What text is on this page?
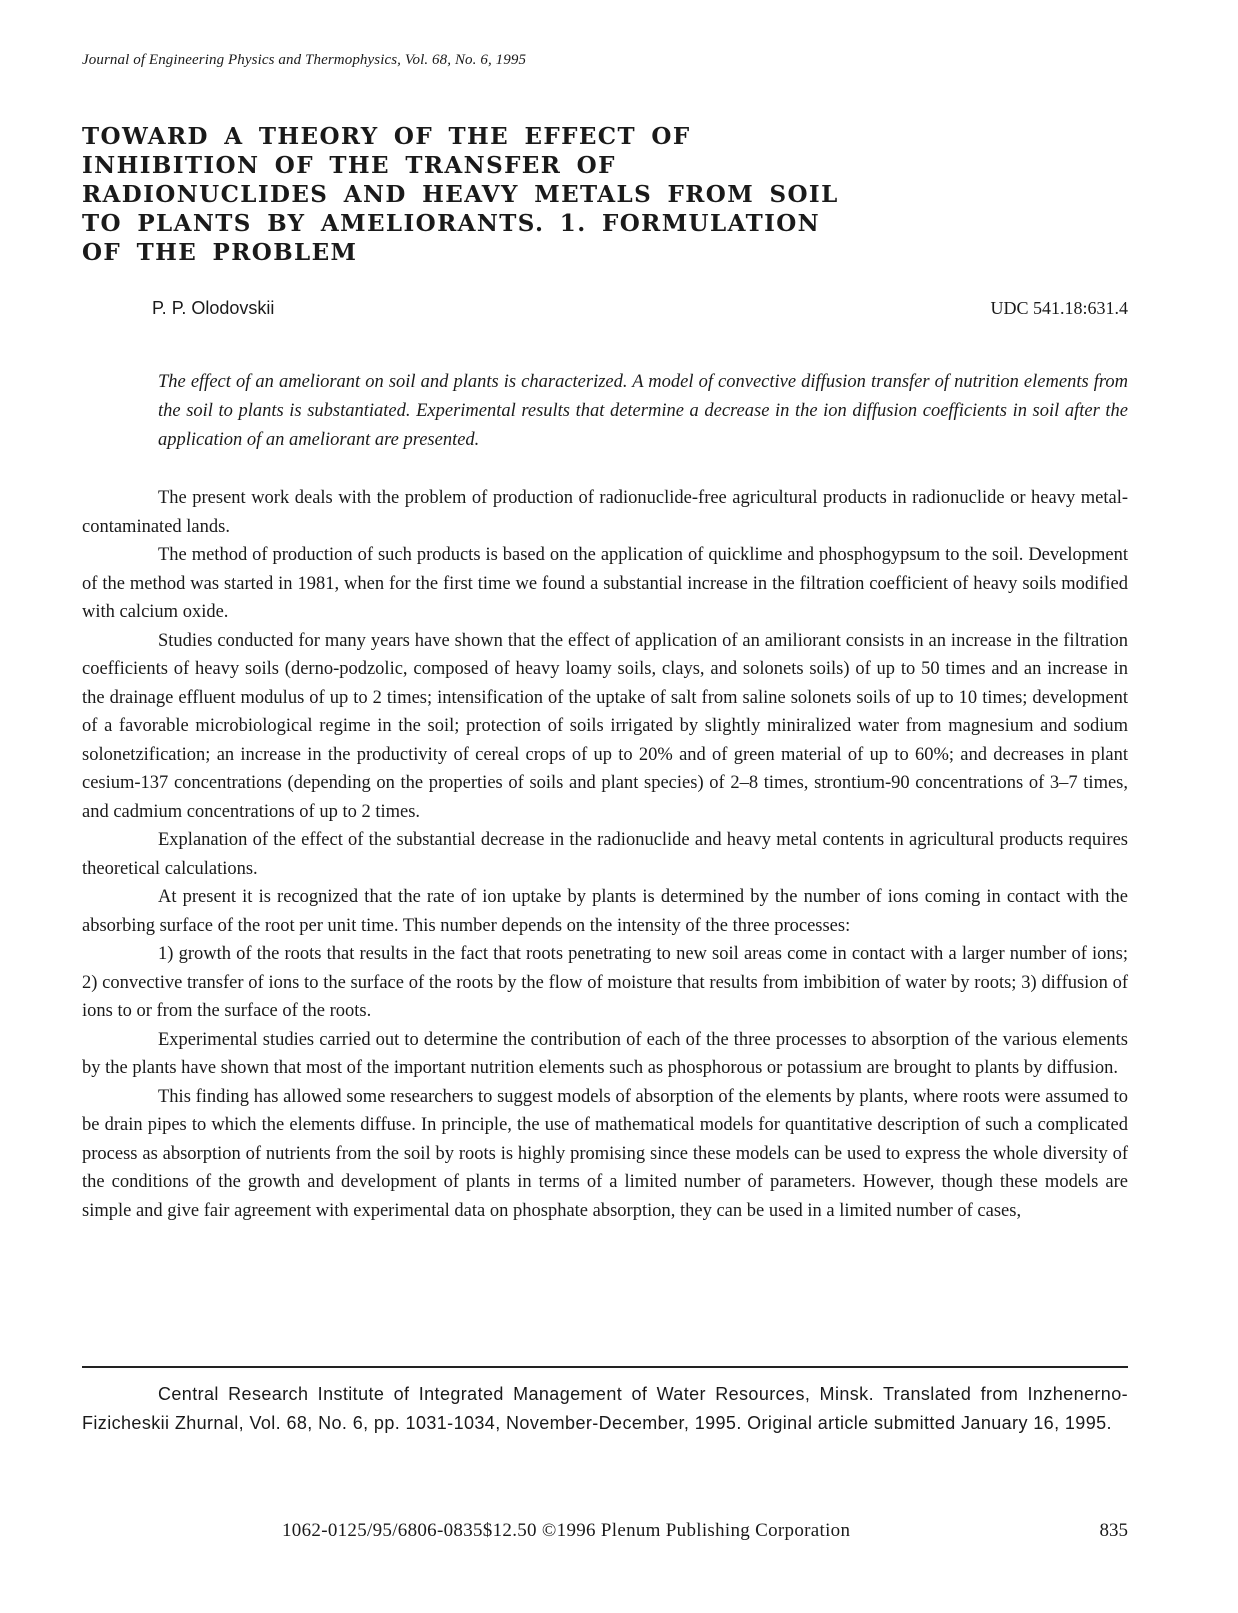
Journal of Engineering Physics and Thermophysics, Vol. 68, No. 6, 1995
TOWARD A THEORY OF THE EFFECT OF INHIBITION OF THE TRANSFER OF RADIONUCLIDES AND HEAVY METALS FROM SOIL TO PLANTS BY AMELIORANTS. 1. FORMULATION OF THE PROBLEM
P. P. Olodovskii	UDC 541.18:631.4

The effect of an ameliorant on soil and plants is characterized. A model of convective diffusion transfer of nutrition elements from the soil to plants is substantiated. Experimental results that determine a decrease in the ion diffusion coefficients in soil after the application of an ameliorant are presented.

The present work deals with the problem of production of radionuclide-free agricultural products in radionuclide or heavy metal-contaminated lands.

The method of production of such products is based on the application of quicklime and phosphogypsum to the soil. Development of the method was started in 1981, when for the first time we found a substantial increase in the filtration coefficient of heavy soils modified with calcium oxide.

Studies conducted for many years have shown that the effect of application of an amiliorant consists in an increase in the filtration coefficients of heavy soils (derno-podzolic, composed of heavy loamy soils, clays, and solonets soils) of up to 50 times and an increase in the drainage effluent modulus of up to 2 times; intensification of the uptake of salt from saline solonets soils of up to 10 times; development of a favorable microbiological regime in the soil; protection of soils irrigated by slightly miniralized water from magnesium and sodium solonetzification; an increase in the productivity of cereal crops of up to 20% and of green material of up to 60%; and decreases in plant cesium-137 concentrations (depending on the properties of soils and plant species) of 2–8 times, strontium-90 concentrations of 3–7 times, and cadmium concentrations of up to 2 times.

Explanation of the effect of the substantial decrease in the radionuclide and heavy metal contents in agricultural products requires theoretical calculations.

At present it is recognized that the rate of ion uptake by plants is determined by the number of ions coming in contact with the absorbing surface of the root per unit time. This number depends on the intensity of the three processes:

1) growth of the roots that results in the fact that roots penetrating to new soil areas come in contact with a larger number of ions; 2) convective transfer of ions to the surface of the roots by the flow of moisture that results from imbibition of water by roots; 3) diffusion of ions to or from the surface of the roots.

Experimental studies carried out to determine the contribution of each of the three processes to absorption of the various elements by the plants have shown that most of the important nutrition elements such as phosphorous or potassium are brought to plants by diffusion.

This finding has allowed some researchers to suggest models of absorption of the elements by plants, where roots were assumed to be drain pipes to which the elements diffuse. In principle, the use of mathematical models for quantitative description of such a complicated process as absorption of nutrients from the soil by roots is highly promising since these models can be used to express the whole diversity of the conditions of the growth and development of plants in terms of a limited number of parameters. However, though these models are simple and give fair agreement with experimental data on phosphate absorption, they can be used in a limited number of cases,

Central Research Institute of Integrated Management of Water Resources, Minsk. Translated from Inzhenerno-Fizicheskii Zhurnal, Vol. 68, No. 6, pp. 1031-1034, November-December, 1995. Original article submitted January 16, 1995.

1062-0125/95/6806-0835$12.50 ©1996 Plenum Publishing Corporation	835
